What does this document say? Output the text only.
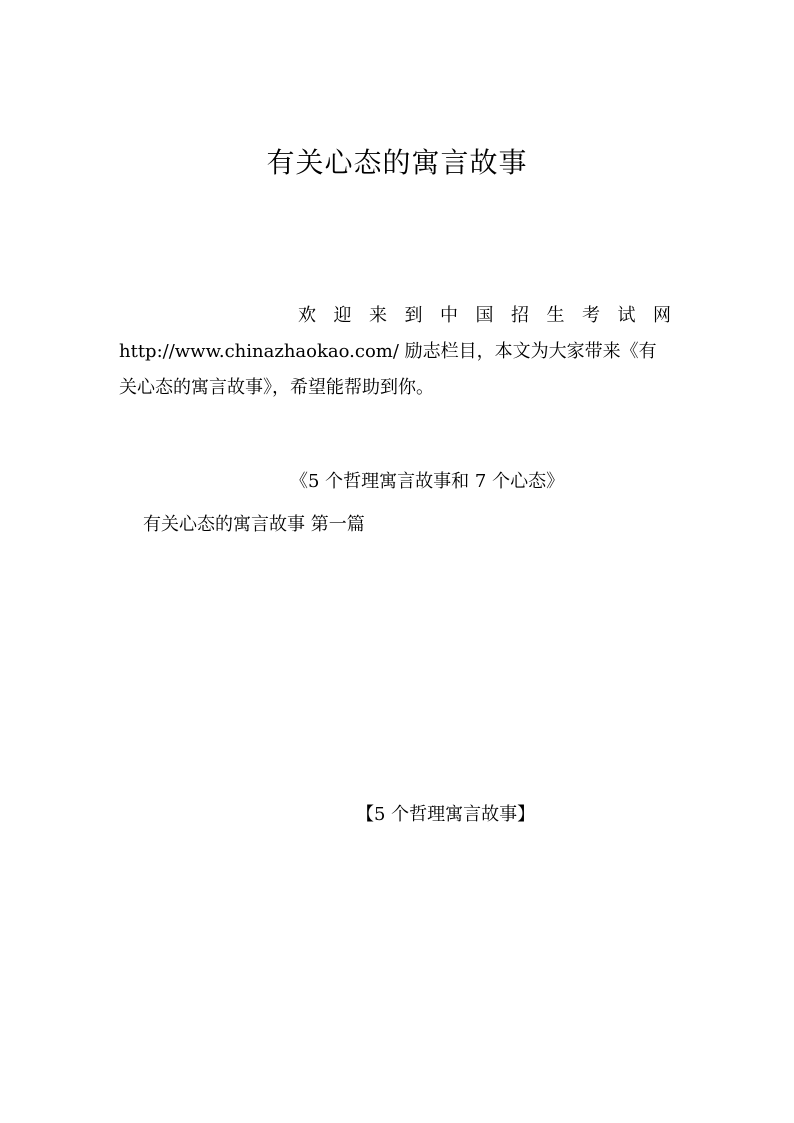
有关心态的寓言故事
欢迎来到中国招生考试网
http://www.chinazhaokao.com/ 励志栏目，本文为大家带来《有关心态的寓言故事》，希望能帮助到你。
《5 个哲理寓言故事和 7 个心态》
有关心态的寓言故事 第一篇
【5 个哲理寓言故事】
